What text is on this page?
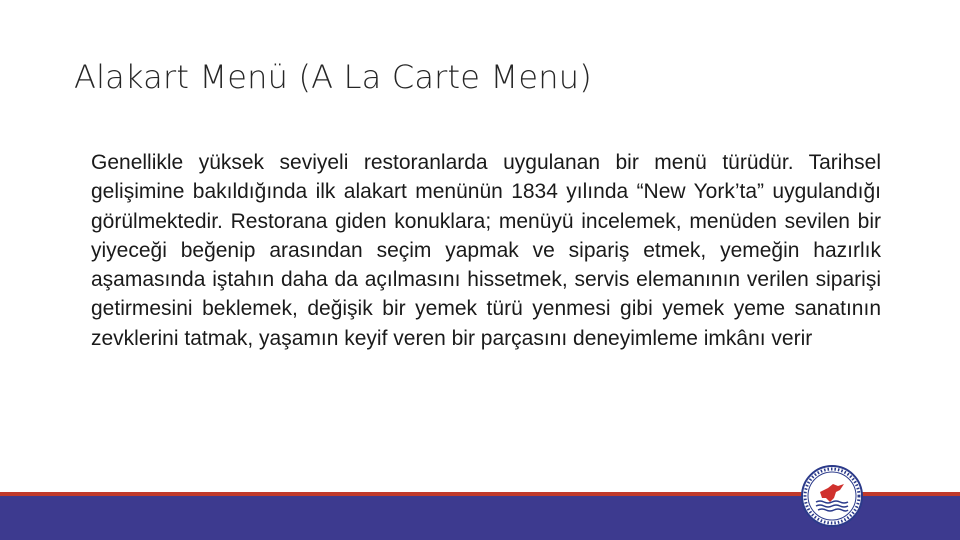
Alakart Menü (A La Carte Menu)
Genellikle yüksek seviyeli restoranlarda uygulanan bir menü türüdür. Tarihsel gelişimine bakıldığında ilk alakart menünün 1834 yılında “New York’ta” uygulandığı görülmektedir. Restorana giden konuklara; menüyü incelemek, menüden sevilen bir yiyeceği beğenip arasından seçim yapmak ve sipariş etmek, yemeğin hazırlık aşamasında iştahın daha da açılmasını hissetmek, servis elemanının verilen siparişi getirmesini beklemek, değişik bir yemek türü yenmesi gibi yemek yeme sanatının zevklerini tatmak, yaşamın keyif veren bir parçasını deneyimleme imkânı verir
